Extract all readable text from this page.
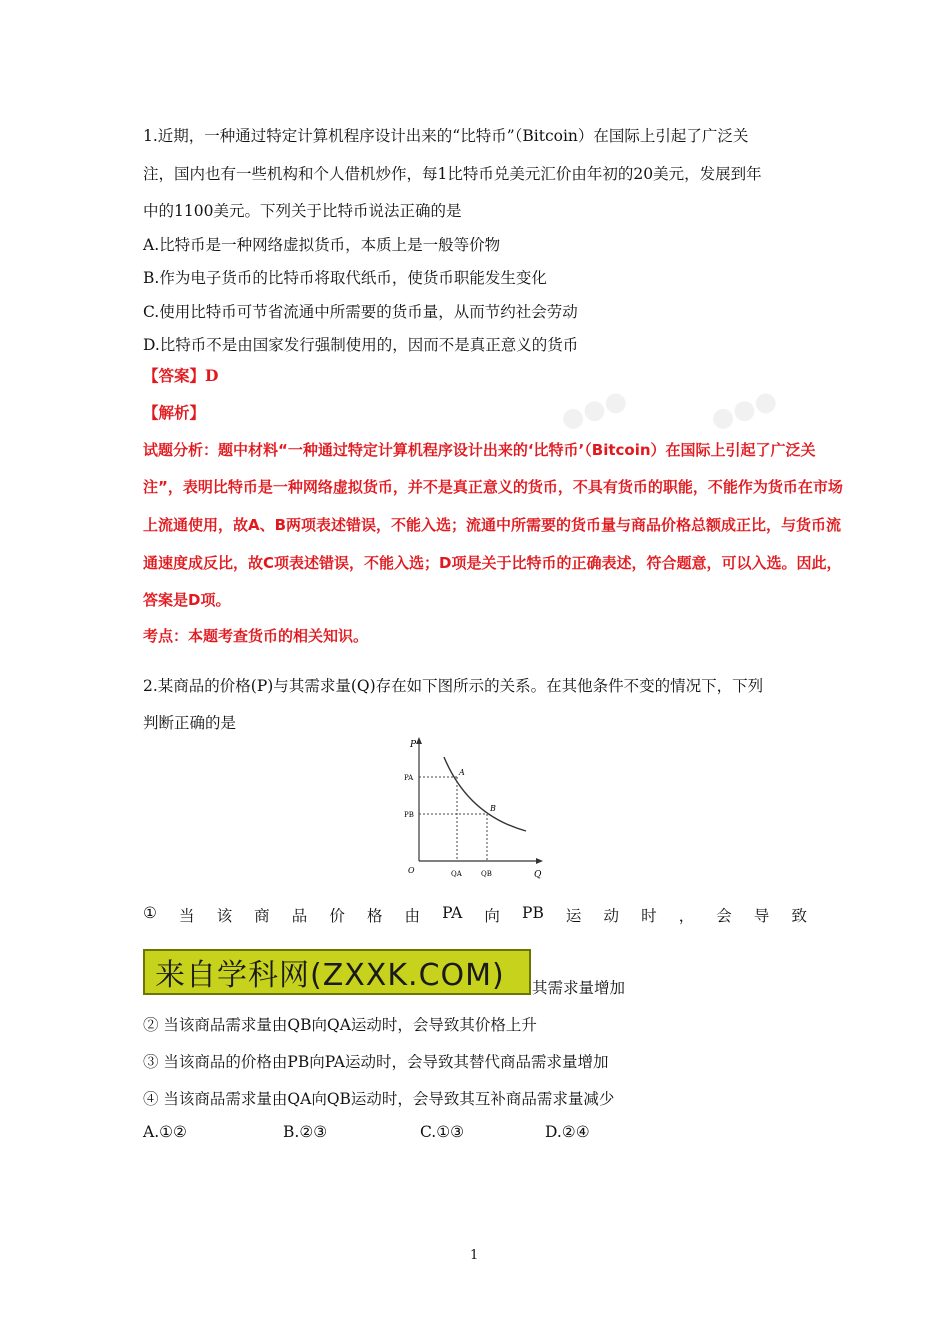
●●●	●●●
1.近期，一种通过特定计算机程序设计出来的“比特币”（Bitcoin）在国际上引起了广泛关
注，国内也有一些机构和个人借机炒作，每1比特币兑美元汇价由年初的20美元，发展到年
中的1100美元。下列关于比特币说法正确的是
A.比特币是一种网络虚拟货币，本质上是一般等价物
B.作为电子货币的比特币将取代纸币，使货币职能发生变化
C.使用比特币可节省流通中所需要的货币量，从而节约社会劳动
D.比特币不是由国家发行强制使用的，因而不是真正意义的货币
【答案】D
【解析】
试题分析：题中材料“一种通过特定计算机程序设计出来的‘比特币’（Bitcoin）在国际上引起了广泛关
注”，表明比特币是一种网络虚拟货币，并不是真正意义的货币，不具有货币的职能，不能作为货币在市场
上流通使用，故A、B两项表述错误，不能入选；流通中所需要的货币量与商品价格总额成正比，与货币流
通速度成反比，故C项表述错误，不能入选；D项是关于比特币的正确表述，符合题意，可以入选。因此，
答案是D项。
考点：本题考查货币的相关知识。
2.某商品的价格(P)与其需求量(Q)存在如下图所示的关系。在其他条件不变的情况下，下列
判断正确的是
P
Q
O
PA
PB
QA	QB
A
B
① 当 该 商 品 价 格 由 PA 向 PB 运 动 时 ， 会 导 致
来自学科网(ZXXK.COM)	其需求量增加
② 当该商品需求量由QB向QA运动时，会导致其价格上升
③ 当该商品的价格由PB向PA运动时，会导致其替代商品需求量增加
④ 当该商品需求量由QA向QB运动时，会导致其互补商品需求量减少
A.①②	B.②③	C.①③	D.②④
1
